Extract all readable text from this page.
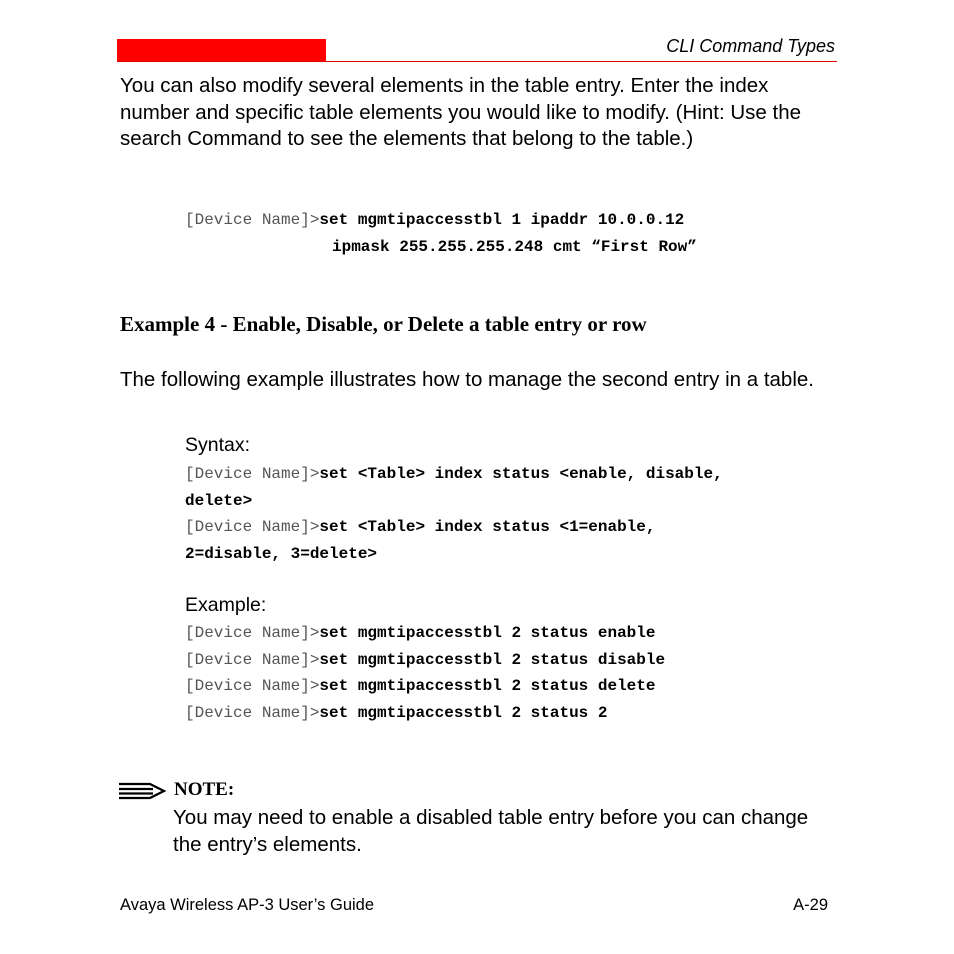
CLI Command Types
You can also modify several elements in the table entry. Enter the index number and specific table elements you would like to modify. (Hint: Use the search Command to see the elements that belong to the table.)
[Device Name]>set mgmtipaccesstbl 1 ipaddr 10.0.0.12
ipmask 255.255.255.248 cmt “First Row”
Example 4 - Enable, Disable, or Delete a table entry or row
The following example illustrates how to manage the second entry in a table.
Syntax:
[Device Name]>set <Table> index status <enable, disable,
delete>
[Device Name]>set <Table> index status <1=enable,
2=disable, 3=delete>
Example:
[Device Name]>set mgmtipaccesstbl 2 status enable
[Device Name]>set mgmtipaccesstbl 2 status disable
[Device Name]>set mgmtipaccesstbl 2 status delete
[Device Name]>set mgmtipaccesstbl 2 status 2
NOTE:
You may need to enable a disabled table entry before you can change the entry’s elements.
Avaya Wireless AP-3 User’s Guide	A-29
